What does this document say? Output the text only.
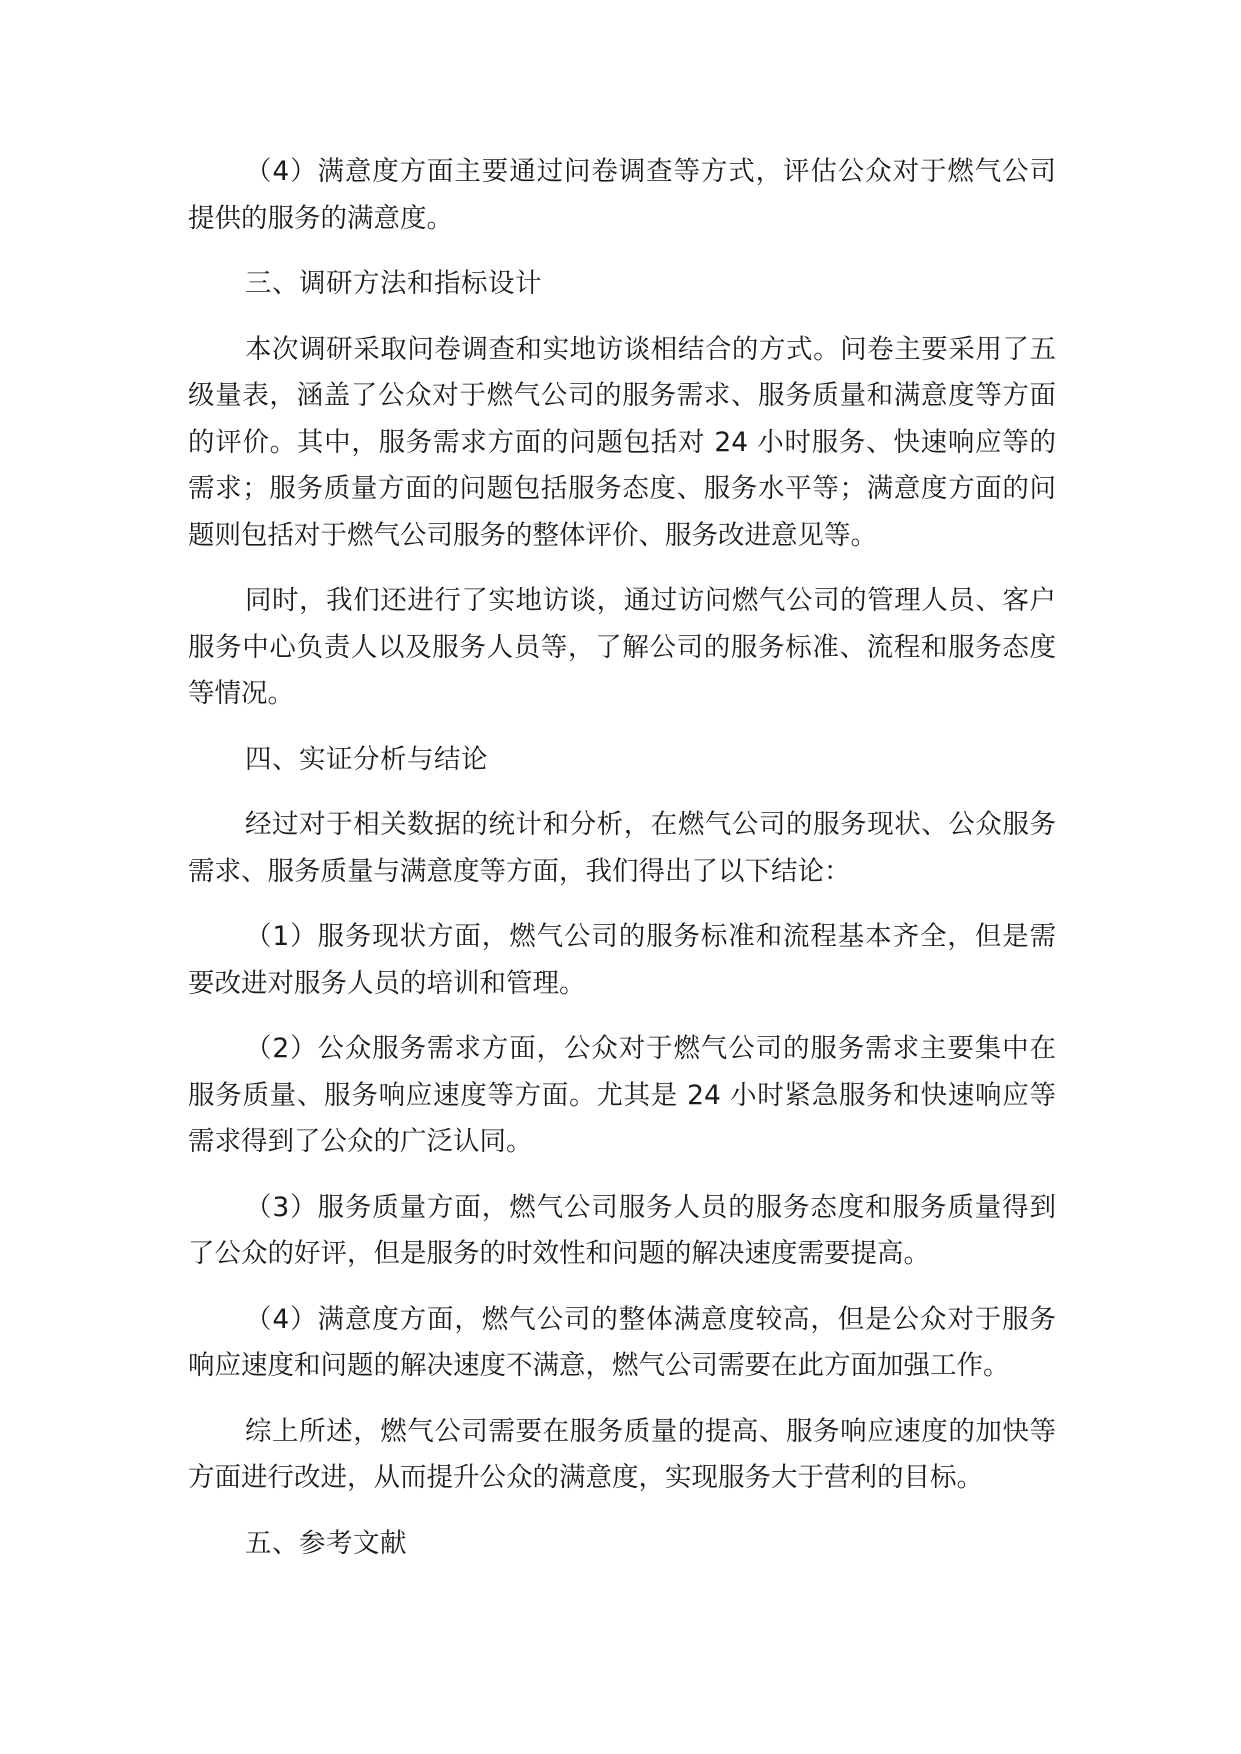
（4）满意度方面主要通过问卷调查等方式，评估公众对于燃气公司提供的服务的满意度。

三、调研方法和指标设计

本次调研采取问卷调查和实地访谈相结合的方式。问卷主要采用了五级量表，涵盖了公众对于燃气公司的服务需求、服务质量和满意度等方面的评价。其中，服务需求方面的问题包括对 24 小时服务、快速响应等的需求；服务质量方面的问题包括服务态度、服务水平等；满意度方面的问题则包括对于燃气公司服务的整体评价、服务改进意见等。

同时，我们还进行了实地访谈，通过访问燃气公司的管理人员、客户服务中心负责人以及服务人员等，了解公司的服务标准、流程和服务态度等情况。

四、实证分析与结论

经过对于相关数据的统计和分析，在燃气公司的服务现状、公众服务需求、服务质量与满意度等方面，我们得出了以下结论：

（1）服务现状方面，燃气公司的服务标准和流程基本齐全，但是需要改进对服务人员的培训和管理。

（2）公众服务需求方面，公众对于燃气公司的服务需求主要集中在服务质量、服务响应速度等方面。尤其是 24 小时紧急服务和快速响应等需求得到了公众的广泛认同。

（3）服务质量方面，燃气公司服务人员的服务态度和服务质量得到了公众的好评，但是服务的时效性和问题的解决速度需要提高。

（4）满意度方面，燃气公司的整体满意度较高，但是公众对于服务响应速度和问题的解决速度不满意，燃气公司需要在此方面加强工作。

综上所述，燃气公司需要在服务质量的提高、服务响应速度的加快等方面进行改进，从而提升公众的满意度，实现服务大于营利的目标。

五、参考文献
